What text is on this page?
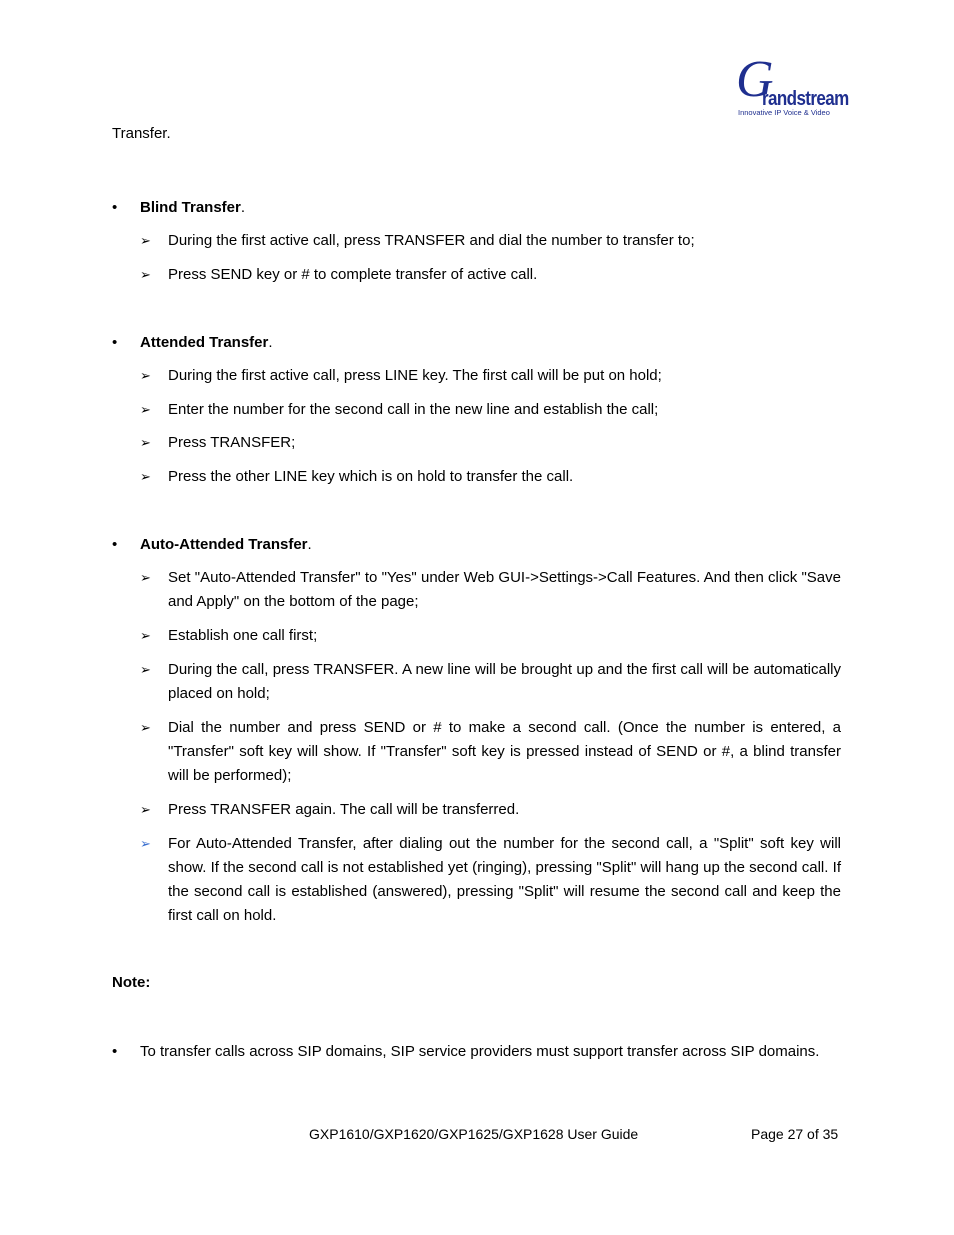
G
randstream
Innovative IP Voice & Video
Transfer.
• Blind Transfer.
➢ During the first active call, press TRANSFER and dial the number to transfer to;
➢ Press SEND key or # to complete transfer of active call.
• Attended Transfer.
➢ During the first active call, press LINE key. The first call will be put on hold;
➢ Enter the number for the second call in the new line and establish the call;
➢ Press TRANSFER;
➢ Press the other LINE key which is on hold to transfer the call.
• Auto-Attended Transfer.
➢ Set "Auto-Attended Transfer" to "Yes" under Web GUI->Settings->Call Features. And then click "Save and Apply" on the bottom of the page;
➢ Establish one call first;
➢ During the call, press TRANSFER. A new line will be brought up and the first call will be automatically placed on hold;
➢ Dial the number and press SEND or # to make a second call. (Once the number is entered, a "Transfer" soft key will show. If "Transfer" soft key is pressed instead of SEND or #, a blind transfer will be performed);
➢ Press TRANSFER again. The call will be transferred.
➢ For Auto-Attended Transfer, after dialing out the number for the second call, a "Split" soft key will show. If the second call is not established yet (ringing), pressing "Split" will hang up the second call. If the second call is established (answered), pressing "Split" will resume the second call and keep the first call on hold.
Note:
• To transfer calls across SIP domains, SIP service providers must support transfer across SIP domains.
GXP1610/GXP1620/GXP1625/GXP1628 User Guide	Page 27 of 35
